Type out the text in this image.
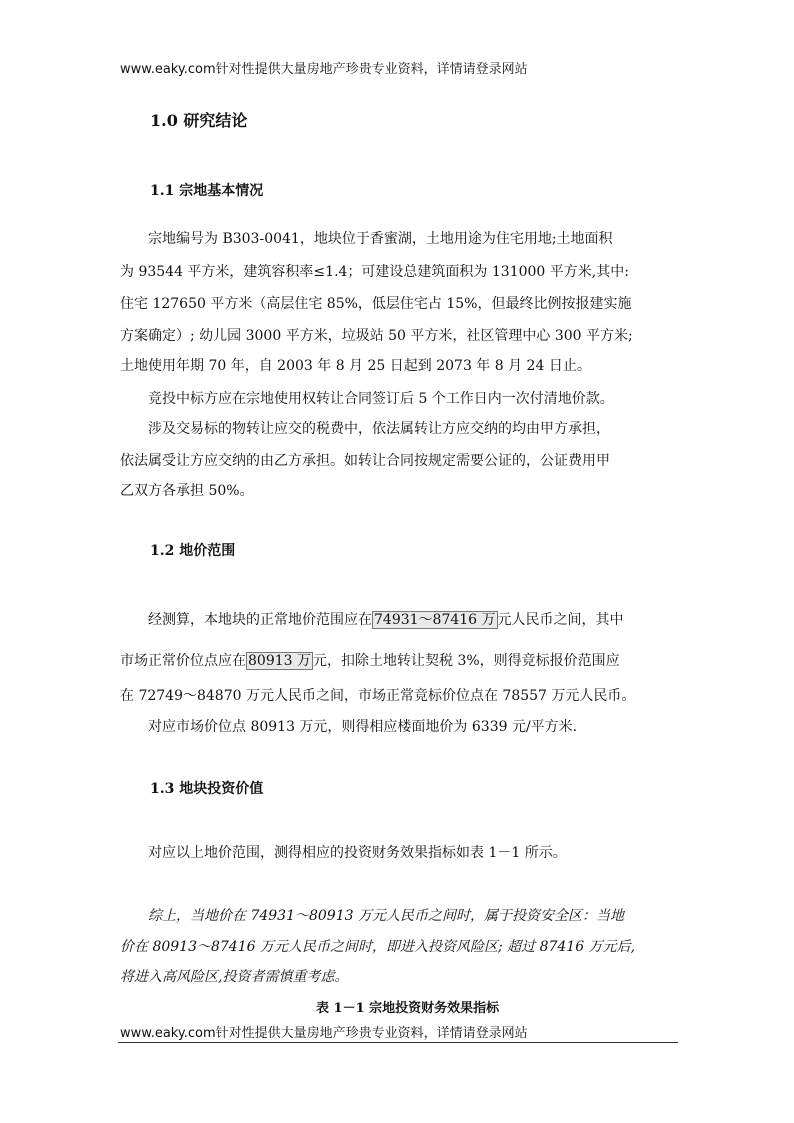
www.eaky.com针对性提供大量房地产珍贵专业资料，详情请登录网站
1.0 研究结论
1.1 宗地基本情况
宗地编号为 B303-0041，地块位于香蜜湖，土地用途为住宅用地;土地面积
为 93544 平方米，建筑容积率≤1.4；可建设总建筑面积为 131000 平方米,其中:
住宅 127650 平方米（高层住宅 85%，低层住宅占 15%，但最终比例按报建实施
方案确定）; 幼儿园 3000 平方米，垃圾站 50 平方米，社区管理中心 300 平方米;
土地使用年期 70 年，自 2003 年 8 月 25 日起到 2073 年 8 月 24 日止。
竞投中标方应在宗地使用权转让合同签订后 5 个工作日内一次付清地价款。
涉及交易标的物转让应交的税费中，依法属转让方应交纳的均由甲方承担，
依法属受让方应交纳的由乙方承担。如转让合同按规定需要公证的，公证费用甲
乙双方各承担 50%。
1.2 地价范围
经测算，本地块的正常地价范围应在 74931～87416 万 元人民币之间，其中
市场正常价位点应在 80913 万 元，扣除土地转让契税 3%，则得竞标报价范围应
在 72749～84870 万元人民币之间，市场正常竞标价位点在 78557 万元人民币。
对应市场价位点 80913 万元，则得相应楼面地价为 6339 元/平方米.
1.3 地块投资价值
对应以上地价范围，测得相应的投资财务效果指标如表 1－1 所示。
综上，当地价在 74931～80913 万元人民币之间时，属于投资安全区：当地
价在 80913～87416 万元人民币之间时，即进入投资风险区; 超过 87416 万元后,
将进入高风险区,投资者需慎重考虑。
表 1－1 宗地投资财务效果指标
www.eaky.com针对性提供大量房地产珍贵专业资料，详情请登录网站
